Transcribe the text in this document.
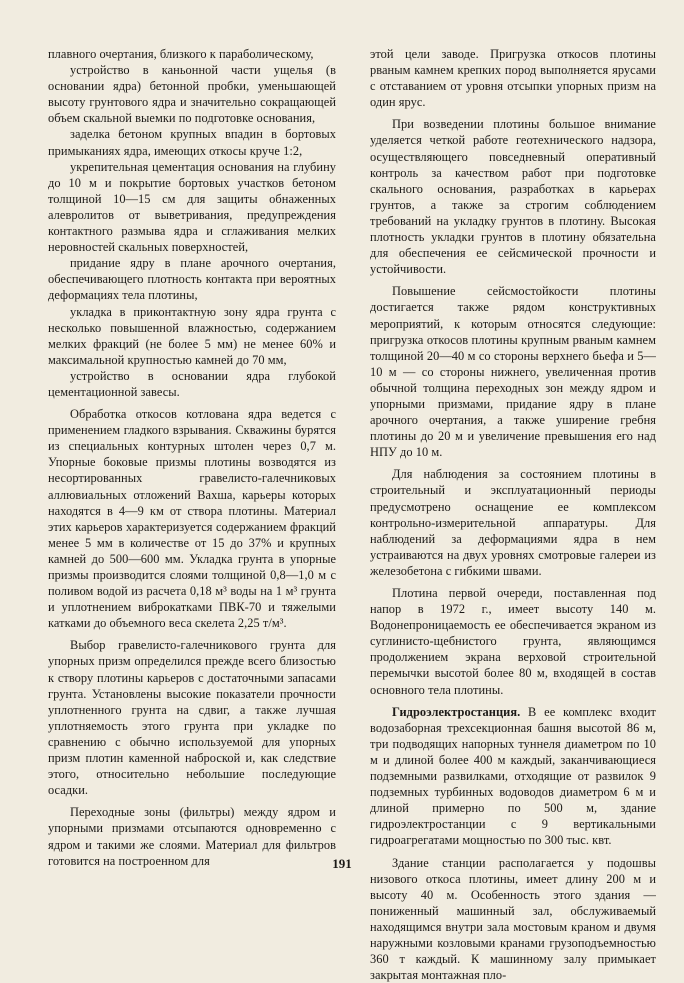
плавного очертания, близкого к параболическому,

устройство в каньонной части ущелья (в основании ядра) бетонной пробки, уменьшающей высоту грунтового ядра и значительно сокращающей объем скальной выемки по подготовке основания,

заделка бетоном крупных впадин в бортовых примыканиях ядра, имеющих откосы круче 1:2,

укрепительная цементация основания на глубину до 10 м и покрытие бортовых участков бетоном толщиной 10—15 см для защиты обнаженных алевролитов от выветривания, предупреждения контактного размыва ядра и сглаживания мелких неровностей скальных поверхностей,

придание ядру в плане арочного очертания, обеспечивающего плотность контакта при вероятных деформациях тела плотины,

укладка в приконтактную зону ядра грунта с несколько повышенной влажностью, содержанием мелких фракций (не более 5 мм) не менее 60% и максимальной крупностью камней до 70 мм,

устройство в основании ядра глубокой цементационной завесы.

Обработка откосов котлована ядра ведется с применением гладкого взрывания. Скважины бурятся из специальных контурных штолен через 0,7 м. Упорные боковые призмы плотины возводятся из несортированных гравелисто-галечниковых аллювиальных отложений Вахша, карьеры которых находятся в 4—9 км от створа плотины. Материал этих карьеров характеризуется содержанием фракций менее 5 мм в количестве от 15 до 37% и крупных камней до 500—600 мм. Укладка грунта в упорные призмы производится слоями толщиной 0,8—1,0 м с поливом водой из расчета 0,18 м³ воды на 1 м³ грунта и уплотнением виброкатками ПВК-70 и тяжелыми катками до объемного веса скелета 2,25 т/м³.

Выбор гравелисто-галечникового грунта для упорных призм определился прежде всего близостью к створу плотины карьеров с достаточными запасами грунта. Установлены высокие показатели прочности уплотненного грунта на сдвиг, а также лучшая уплотняемость этого грунта при укладке по сравнению с обычно используемой для упорных призм плотин каменной наброской и, как следствие этого, относительно небольшие последующие осадки.

Переходные зоны (фильтры) между ядром и упорными призмами отсыпаются одновременно с ядром и такими же слоями. Материал для фильтров готовится на построенном для

этой цели заводе. Пригрузка откосов плотины рваным камнем крепких пород выполняется ярусами с отставанием от уровня отсыпки упорных призм на один ярус.

При возведении плотины большое внимание уделяется четкой работе геотехнического надзора, осуществляющего повседневный оперативный контроль за качеством работ при подготовке скального основания, разработках в карьерах грунтов, а также за строгим соблюдением требований на укладку грунтов в плотину. Высокая плотность укладки грунтов в плотину обязательна для обеспечения ее сейсмической прочности и устойчивости.

Повышение сейсмостойкости плотины достигается также рядом конструктивных мероприятий, к которым относятся следующие: пригрузка откосов плотины крупным рваным камнем толщиной 20—40 м со стороны верхнего бьефа и 5—10 м — со стороны нижнего, увеличенная против обычной толщина переходных зон между ядром и упорными призмами, придание ядру в плане арочного очертания, а также уширение гребня плотины до 20 м и увеличение превышения его над НПУ до 10 м.

Для наблюдения за состоянием плотины в строительный и эксплуатационный периоды предусмотрено оснащение ее комплексом контрольно-измерительной аппаратуры. Для наблюдений за деформациями ядра в нем устраиваются на двух уровнях смотровые галереи из железобетона с гибкими швами.

Плотина первой очереди, поставленная под напор в 1972 г., имеет высоту 140 м. Водонепроницаемость ее обеспечивается экраном из суглинисто-щебнистого грунта, являющимся продолжением экрана верховой строительной перемычки высотой более 80 м, входящей в состав основного тела плотины.

Гидроэлектростанция. В ее комплекс входит водозаборная трехсекционная башня высотой 86 м, три подводящих напорных туннеля диаметром по 10 м и длиной более 400 м каждый, заканчивающиеся подземными развилками, отходящие от развилок 9 подземных турбинных водоводов диаметром 6 м и длиной примерно по 500 м, здание гидроэлектростанции с 9 вертикальными гидроагрегатами мощностью по 300 тыс. квт.

Здание станции располагается у подошвы низового откоса плотины, имеет длину 200 м и высоту 40 м. Особенность этого здания — пониженный машинный зал, обслуживаемый находящимся внутри зала мостовым краном и двумя наружными козловыми кранами грузоподъемностью 360 т каждый. К машинному залу примыкает закрытая монтажная пло-

191
